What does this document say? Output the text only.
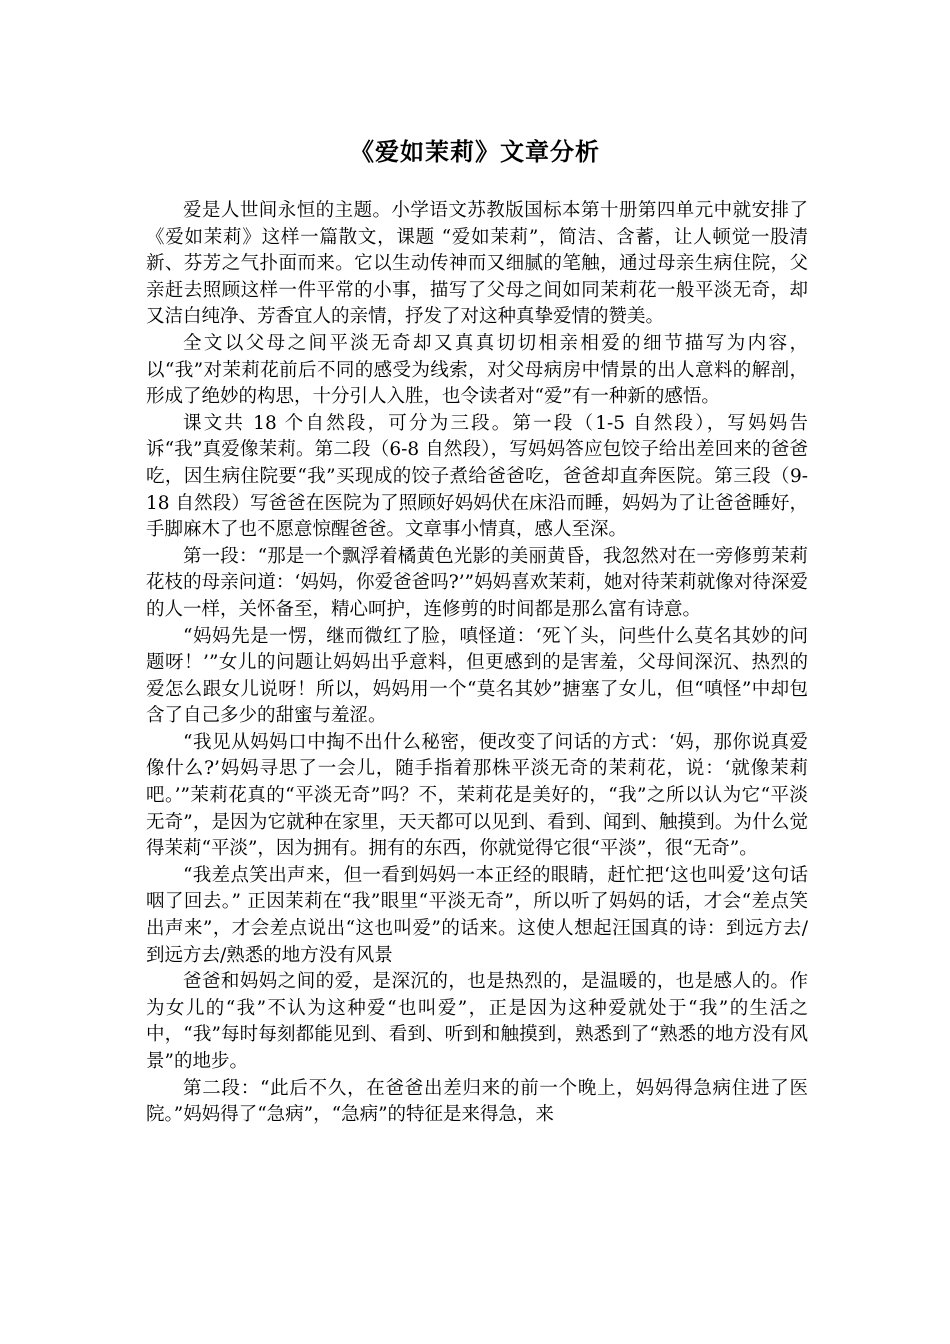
《爱如茉莉》文章分析

爱是人世间永恒的主题。小学语文苏教版国标本第十册第四单元中就安排了《爱如茉莉》这样一篇散文，课题 “爱如茉莉”，简洁、含蓄，让人顿觉一股清新、芬芳之气扑面而来。它以生动传神而又细腻的笔触，通过母亲生病住院，父亲赶去照顾这样一件平常的小事，描写了父母之间如同茉莉花一般平淡无奇，却又洁白纯净、芳香宜人的亲情，抒发了对这种真挚爱情的赞美。

全文以父母之间平淡无奇却又真真切切相亲相爱的细节描写为内容，以“我”对茉莉花前后不同的感受为线索，对父母病房中情景的出人意料的解剖，形成了绝妙的构思，十分引人入胜，也令读者对“爱”有一种新的感悟。

课文共 18 个自然段，可分为三段。第一段（1-5 自然段），写妈妈告诉“我”真爱像茉莉。第二段（6-8 自然段），写妈妈答应包饺子给出差回来的爸爸吃，因生病住院要“我”买现成的饺子煮给爸爸吃，爸爸却直奔医院。第三段（9-18 自然段）写爸爸在医院为了照顾好妈妈伏在床沿而睡，妈妈为了让爸爸睡好，手脚麻木了也不愿意惊醒爸爸。文章事小情真，感人至深。

第一段：“那是一个飘浮着橘黄色光影的美丽黄昏，我忽然对在一旁修剪茉莉花枝的母亲问道：‘妈妈，你爱爸爸吗?’”妈妈喜欢茉莉，她对待茉莉就像对待深爱的人一样，关怀备至，精心呵护，连修剪的时间都是那么富有诗意。

“妈妈先是一愣，继而微红了脸，嗔怪道：‘死丫头，问些什么莫名其妙的问题呀！’”女儿的问题让妈妈出乎意料，但更感到的是害羞，父母间深沉、热烈的爱怎么跟女儿说呀！所以，妈妈用一个“莫名其妙”搪塞了女儿，但“嗔怪”中却包含了自己多少的甜蜜与羞涩。

“我见从妈妈口中掏不出什么秘密，便改变了问话的方式：‘妈，那你说真爱像什么?’妈妈寻思了一会儿，随手指着那株平淡无奇的茉莉花，说：‘就像茉莉吧。’”茉莉花真的“平淡无奇”吗？不，茉莉花是美好的，“我”之所以认为它“平淡无奇”，是因为它就种在家里，天天都可以见到、看到、闻到、触摸到。为什么觉得茉莉“平淡”，因为拥有。拥有的东西，你就觉得它很“平淡”，很“无奇”。

“我差点笑出声来，但一看到妈妈一本正经的眼睛，赶忙把‘这也叫爱’这句话咽了回去。” 正因茉莉在“我”眼里“平淡无奇”，所以听了妈妈的话，才会“差点笑出声来”，才会差点说出“这也叫爱”的话来。这使人想起汪国真的诗：到远方去/到远方去/熟悉的地方没有风景

爸爸和妈妈之间的爱，是深沉的，也是热烈的，是温暖的，也是感人的。作为女儿的“我”不认为这种爱“也叫爱”，正是因为这种爱就处于“我”的生活之中，“我”每时每刻都能见到、看到、听到和触摸到，熟悉到了“熟悉的地方没有风景”的地步。

第二段：“此后不久，在爸爸出差归来的前一个晚上，妈妈得急病住进了医院。”妈妈得了“急病”，“急病”的特征是来得急，来
